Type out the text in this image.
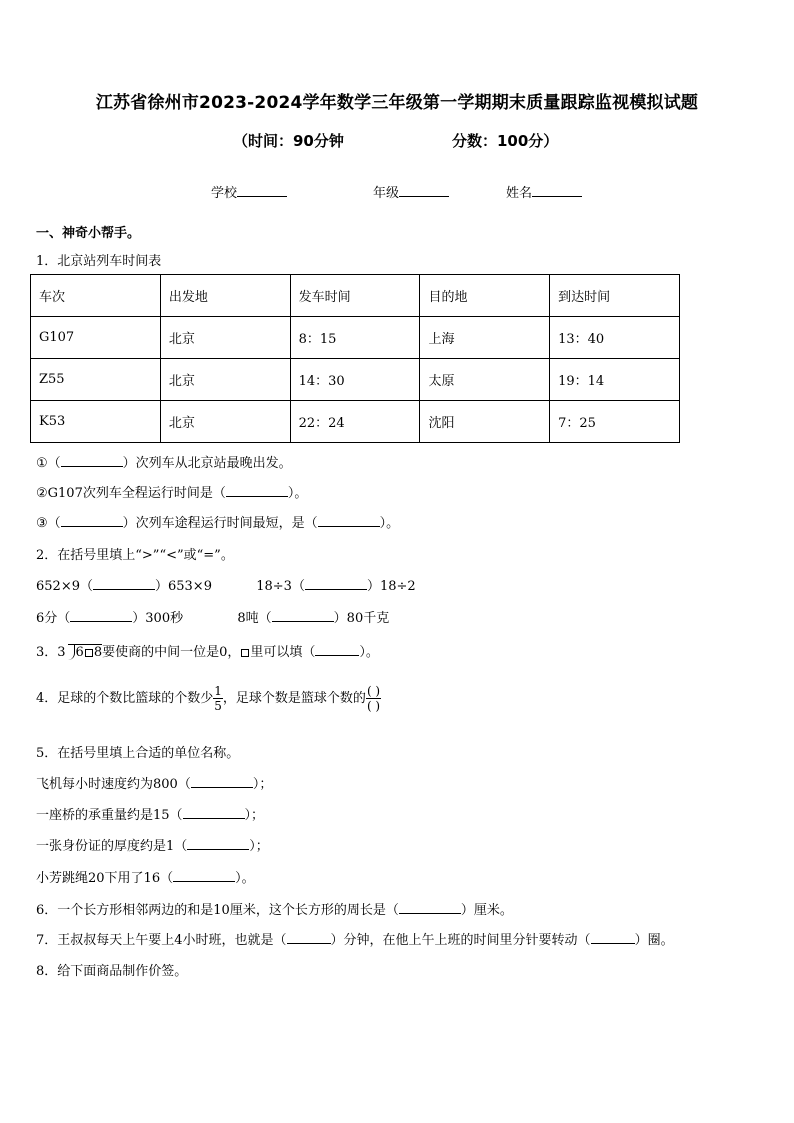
江苏省徐州市2023-2024学年数学三年级第一学期期末质量跟踪监视模拟试题
（时间：90分钟	分数：100分）
学校	年级	姓名
一、神奇小帮手。
1．北京站列车时间表
车次	出发地	发车时间	目的地	到达时间
G107	北京	8：15	上海	13：40
Z55	北京	14：30	太原	19：14
K53	北京	22：24	沈阳	7：25
①（	）次列车从北京站最晚出发。
②G107次列车全程运行时间是（	）。
③（	）次列车途程运行时间最短，是（	）。
2．在括号里填上“>”“<”或“=”。
652×9（	）653×9	18÷3（	）18÷2
6分（	）300秒	8吨（	）80千克
3．3 6 8要使商的中间一位是0， 里可以填（	）。
4．足球的个数比篮球的个数少 $\frac{1}{5}$ ，足球个数是篮球个数的 $\frac{( )}{( )}$
5．在括号里填上合适的单位名称。
飞机每小时速度约为800（	）；
一座桥的承重量约是15（	）；
一张身份证的厚度约是1（	）；
小芳跳绳20下用了16（	）。
6．一个长方形相邻两边的和是10厘米，这个长方形的周长是（	）厘米。
7．王叔叔每天上午要上4小时班，也就是（	）分钟，在他上午上班的时间里分针要转动（	）圈。
8．给下面商品制作价签。
